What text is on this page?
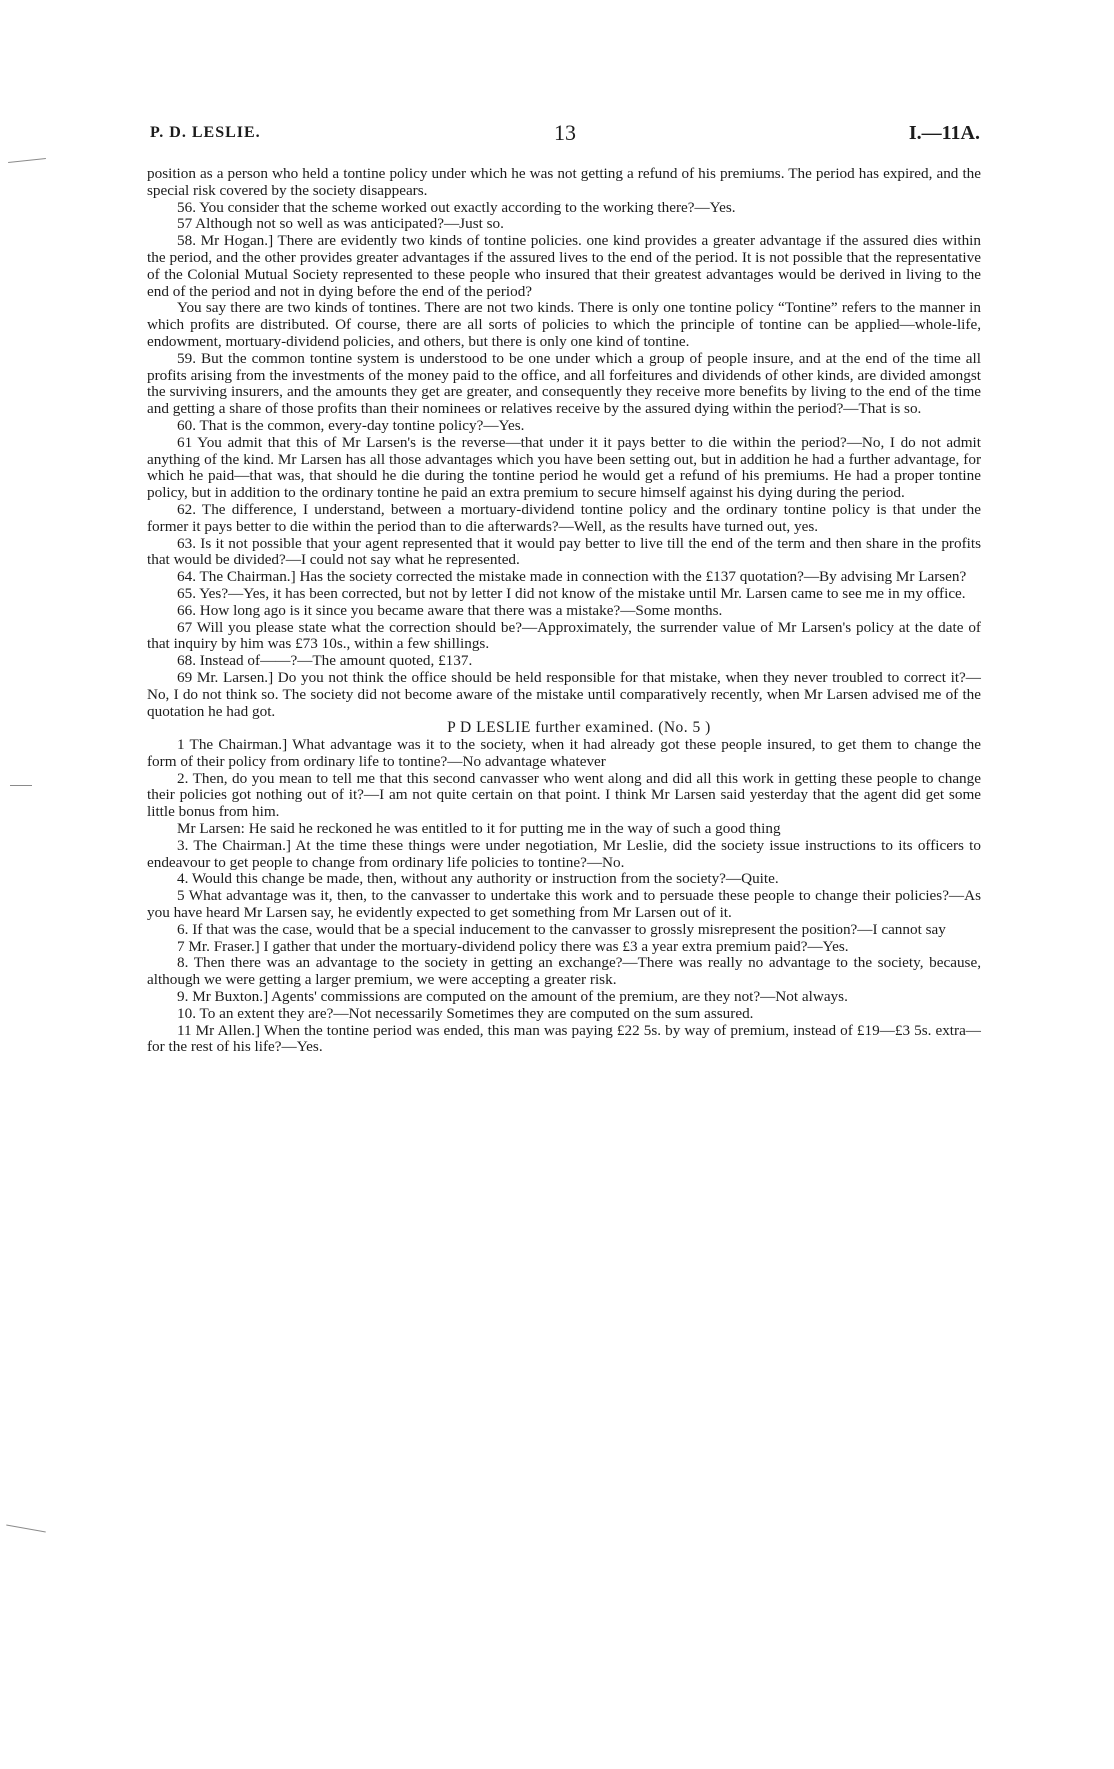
P. D. LESLIE.	13	I.—11A.

position as a person who held a tontine policy under which he was not getting a refund of his premiums. The period has expired, and the special risk covered by the society disappears.

56. You consider that the scheme worked out exactly according to the working there?—Yes.

57 Although not so well as was anticipated?—Just so.

58. Mr Hogan.] There are evidently two kinds of tontine policies. one kind provides a greater advantage if the assured dies within the period, and the other provides greater advantages if the assured lives to the end of the period. It is not possible that the representative of the Colonial Mutual Society represented to these people who insured that their greatest advantages would be derived in living to the end of the period and not in dying before the end of the period?

You say there are two kinds of tontines. There are not two kinds. There is only one tontine policy “Tontine” refers to the manner in which profits are distributed. Of course, there are all sorts of policies to which the principle of tontine can be applied—whole-life, endowment, mortuary-dividend policies, and others, but there is only one kind of tontine.

59. But the common tontine system is understood to be one under which a group of people insure, and at the end of the time all profits arising from the investments of the money paid to the office, and all forfeitures and dividends of other kinds, are divided amongst the surviving insurers, and the amounts they get are greater, and consequently they receive more benefits by living to the end of the time and getting a share of those profits than their nominees or relatives receive by the assured dying within the period?—That is so.

60. That is the common, every-day tontine policy?—Yes.

61 You admit that this of Mr Larsen's is the reverse—that under it it pays better to die within the period?—No, I do not admit anything of the kind. Mr Larsen has all those advantages which you have been setting out, but in addition he had a further advantage, for which he paid—that was, that should he die during the tontine period he would get a refund of his premiums. He had a proper tontine policy, but in addition to the ordinary tontine he paid an extra premium to secure himself against his dying during the period.

62. The difference, I understand, between a mortuary-dividend tontine policy and the ordinary tontine policy is that under the former it pays better to die within the period than to die afterwards?—Well, as the results have turned out, yes.

63. Is it not possible that your agent represented that it would pay better to live till the end of the term and then share in the profits that would be divided?—I could not say what he represented.

64. The Chairman.] Has the society corrected the mistake made in connection with the £137 quotation?—By advising Mr Larsen?

65. Yes?—Yes, it has been corrected, but not by letter I did not know of the mistake until Mr. Larsen came to see me in my office.

66. How long ago is it since you became aware that there was a mistake?—Some months.

67 Will you please state what the correction should be?—Approximately, the surrender value of Mr Larsen's policy at the date of that inquiry by him was £73 10s., within a few shillings.

68. Instead of——?—The amount quoted, £137.

69 Mr. Larsen.] Do you not think the office should be held responsible for that mistake, when they never troubled to correct it?—No, I do not think so. The society did not become aware of the mistake until comparatively recently, when Mr Larsen advised me of the quotation he had got.

P D LESLIE further examined. (No. 5 )

1 The Chairman.] What advantage was it to the society, when it had already got these people insured, to get them to change the form of their policy from ordinary life to tontine?—No advantage whatever

2. Then, do you mean to tell me that this second canvasser who went along and did all this work in getting these people to change their policies got nothing out of it?—I am not quite certain on that point. I think Mr Larsen said yesterday that the agent did get some little bonus from him.

Mr Larsen: He said he reckoned he was entitled to it for putting me in the way of such a good thing

3. The Chairman.] At the time these things were under negotiation, Mr Leslie, did the society issue instructions to its officers to endeavour to get people to change from ordinary life policies to tontine?—No.

4. Would this change be made, then, without any authority or instruction from the society?—Quite.

5 What advantage was it, then, to the canvasser to undertake this work and to persuade these people to change their policies?—As you have heard Mr Larsen say, he evidently expected to get something from Mr Larsen out of it.

6. If that was the case, would that be a special inducement to the canvasser to grossly misrepresent the position?—I cannot say

7 Mr. Fraser.] I gather that under the mortuary-dividend policy there was £3 a year extra premium paid?—Yes.

8. Then there was an advantage to the society in getting an exchange?—There was really no advantage to the society, because, although we were getting a larger premium, we were accepting a greater risk.

9. Mr Buxton.] Agents' commissions are computed on the amount of the premium, are they not?—Not always.

10. To an extent they are?—Not necessarily Sometimes they are computed on the sum assured.

11 Mr Allen.] When the tontine period was ended, this man was paying £22 5s. by way of premium, instead of £19—£3 5s. extra—for the rest of his life?—Yes.
